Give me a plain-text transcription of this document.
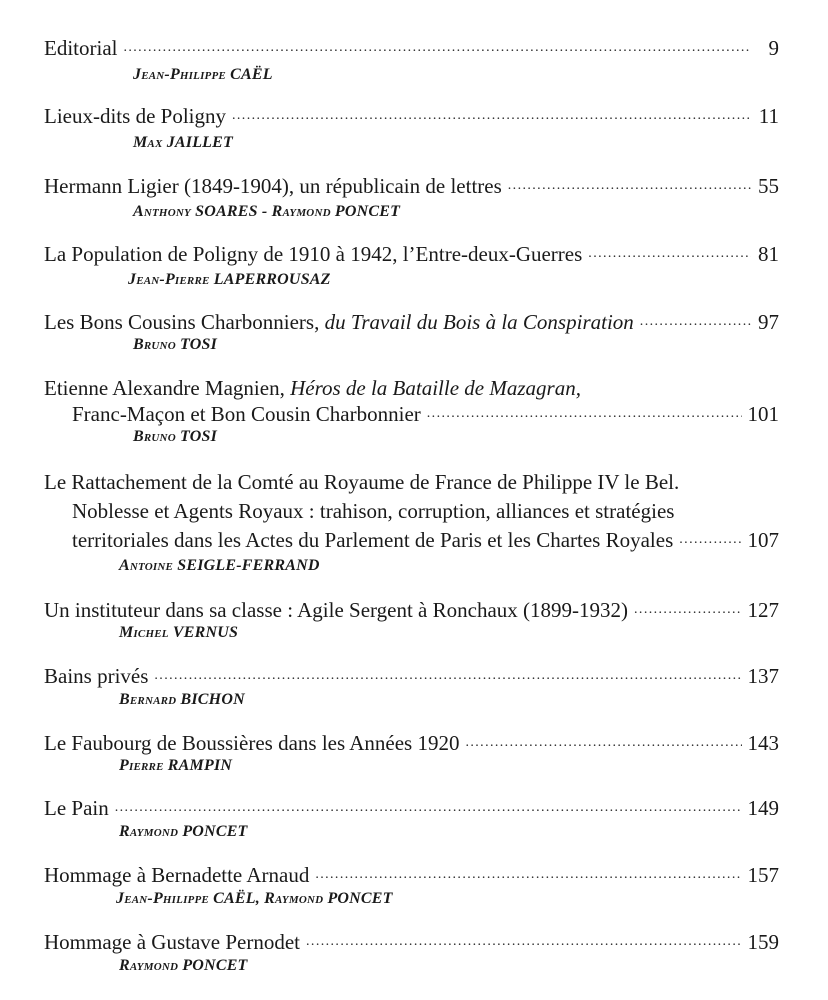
Editorial .....	9
Jean-Philippe CAËL
Lieux-dits de Poligny .....	11
Max JAILLET
Hermann Ligier (1849-1904), un républicain de lettres .....	55
Anthony SOARES - Raymond PONCET
La Population de Poligny de 1910 à 1942, l’Entre-deux-Guerres .....	81
Jean-Pierre LAPERROUSAZ
Les Bons Cousins Charbonniers, du Travail du Bois à la Conspiration .....	97
Bruno TOSI
Etienne Alexandre Magnien, Héros de la Bataille de Mazagran,
Franc-Maçon et Bon Cousin Charbonnier .....	101
Bruno TOSI
Le Rattachement de la Comté au Royaume de France de Philippe IV le Bel.
Noblesse et Agents Royaux : trahison, corruption, alliances et stratégies
territoriales dans les Actes du Parlement de Paris et les Chartes Royales .....	107
Antoine SEIGLE-FERRAND
Un instituteur dans sa classe : Agile Sergent à Ronchaux (1899-1932) .....	127
Michel VERNUS
Bains privés .....	137
Bernard BICHON
Le Faubourg de Boussières dans les Années 1920 .....	143
Pierre RAMPIN
Le Pain .....	149
Raymond PONCET
Hommage à Bernadette Arnaud .....	157
Jean-Philippe CAËL, Raymond PONCET
Hommage à Gustave Pernodet .....	159
Raymond PONCET
